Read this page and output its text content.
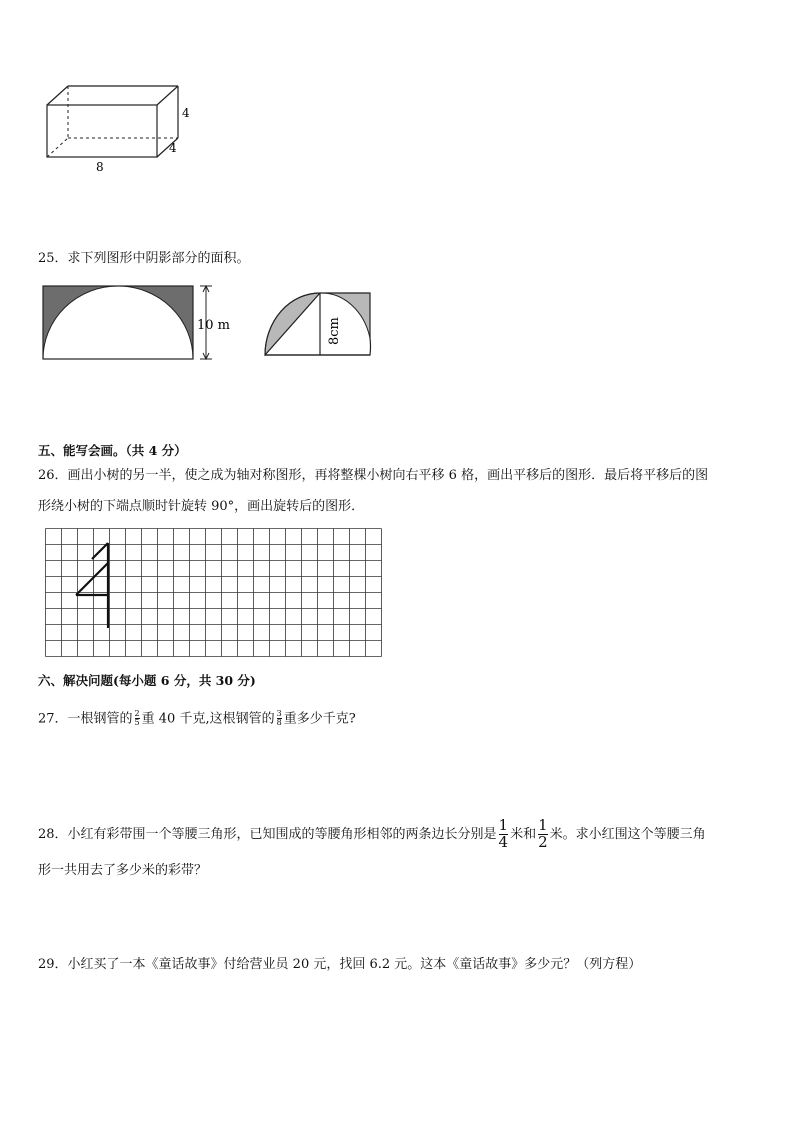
4
4
8
25．求下列图形中阴影部分的面积。
10 m	8cm
五、能写会画。（共 4 分）
26．画出小树的另一半，使之成为轴对称图形，再将整棵小树向右平移 6 格，画出平移后的图形．最后将平移后的图
形绕小树的下端点顺时针旋转 90°，画出旋转后的图形．
六、解决问题(每小题 6 分，共 30 分)
27．一根钢管的 $\frac{2}{5}$ 重 40 千克,这根钢管的 $\frac{3}{8}$ 重多少千克?
28．小红有彩带围一个等腰三角形，已知围成的等腰角形相邻的两条边长分别是 $\frac{1}{4}$ 米和 $\frac{1}{2}$ 米。求小红围这个等腰三角
形一共用去了多少米的彩带？
29．小红买了一本《童话故事》付给营业员 20 元，找回 6.2 元。这本《童话故事》多少元？（列方程）
